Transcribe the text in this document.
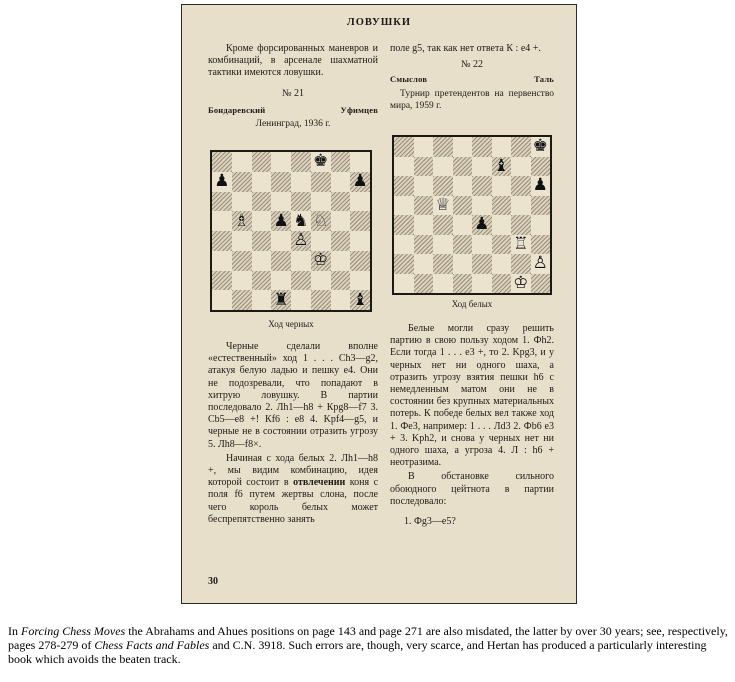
ЛОВУШКИ

Кроме форсированных маневров и комбинаций, в арсенале шахматной тактики имеются ловушки.

№ 21

Бондаревский	Уфимцев

Ленинград, 1936 г.

♚
♟	♟
♗ ♟ ♞ ♘
♙
♔
♜	♝
Ход черных

Черные сделали вполне «естественный» ход 1 . . . Ch3—g2, атакуя белую ладью и пешку e4. Они не подозревали, что попадают в хитрую ловушку. В партии последовало 2. Лh1—h8 + Крg8—f7 3. Cb5—e8 +! Кf6 : e8 4. Kpf4—g5, и черные не в состоянии отразить угрозу 5. Лh8—f8×.

Начиная с хода белых 2. Лh1—h8 +, мы видим комбинацию, идея которой состоит в отвлечении коня с поля f6 путем жертвы слона, после чего король белых может беспрепятственно занять

поле g5, так как нет ответа К : e4 +.

№ 22

Смыслов	Таль

Турнир претендентов на первенство мира, 1959 г.

♚
♝
♟
♕
♟
♖
♙
♔
Ход белых

Белые могли сразу решить партию в свою пользу ходом 1. Фh2. Если тогда 1 . . . e3 +, то 2. Kpg3, и у черных нет ни одного шаха, а отразить угрозу взятия пешки h6 с немедленным матом они не в состоянии без крупных материальных потерь. К победе белых вел также ход 1. Фe3, например: 1 . . . Лd3 2. Фb6 e3 + 3. Kph2, и снова у черных нет ни одного шаха, а угроза 4. Л : h6 + неотразима.

В обстановке сильного обоюдного цейтнота в партии последовало:

1. Фg3—e5?

30
In Forcing Chess Moves the Abrahams and Ahues positions on page 143 and page 271 are also misdated, the latter by over 30 years; see, respectively, pages 278-279 of Chess Facts and Fables and C.N. 3918. Such errors are, though, very scarce, and Hertan has produced a particularly interesting book which avoids the beaten track.
